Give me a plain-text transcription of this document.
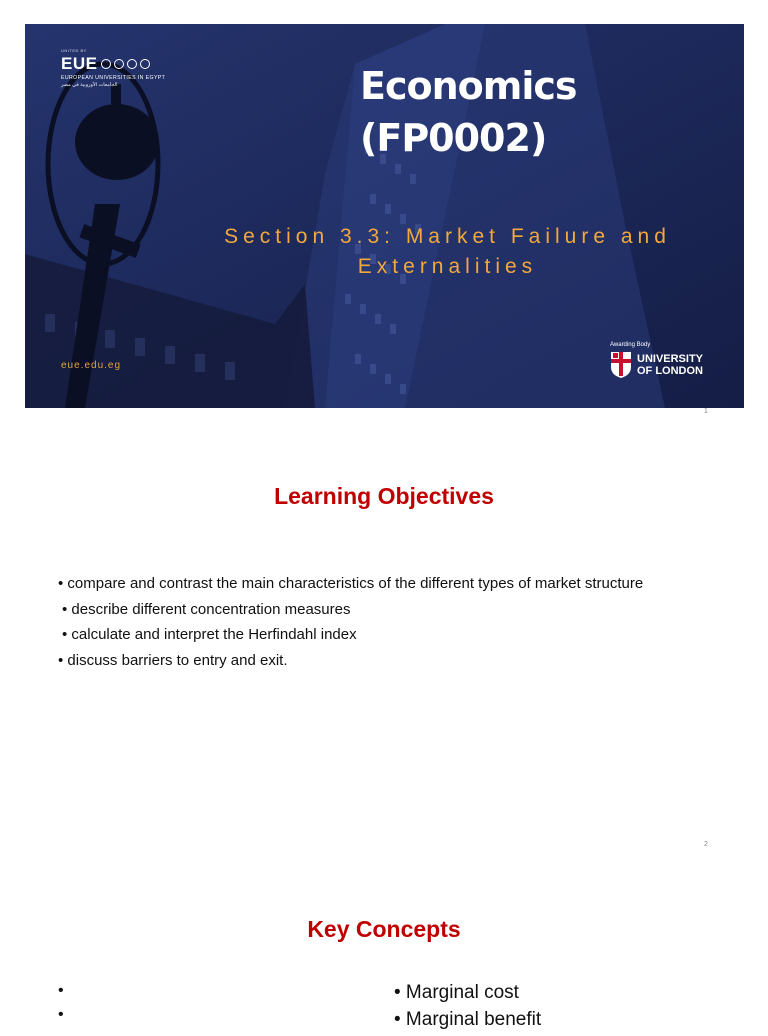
UNITED BY
EUE
EUROPEAN UNIVERSITIES IN EGYPT
الجامعات الأوروبية في مصر	Economics
(FP0002)
Section 3.3: Market Failure and
Externalities
eue.edu.eg
Awarding Body
UNIVERSITY
OF LONDON
1
Learning Objectives
• compare and contrast the main characteristics of the different types of market structure
• describe different concentration measures
• calculate and interpret the Herfindahl index
• discuss barriers to entry and exit.
2
Key Concepts
•
•
• Marginal cost
• Marginal benefit
